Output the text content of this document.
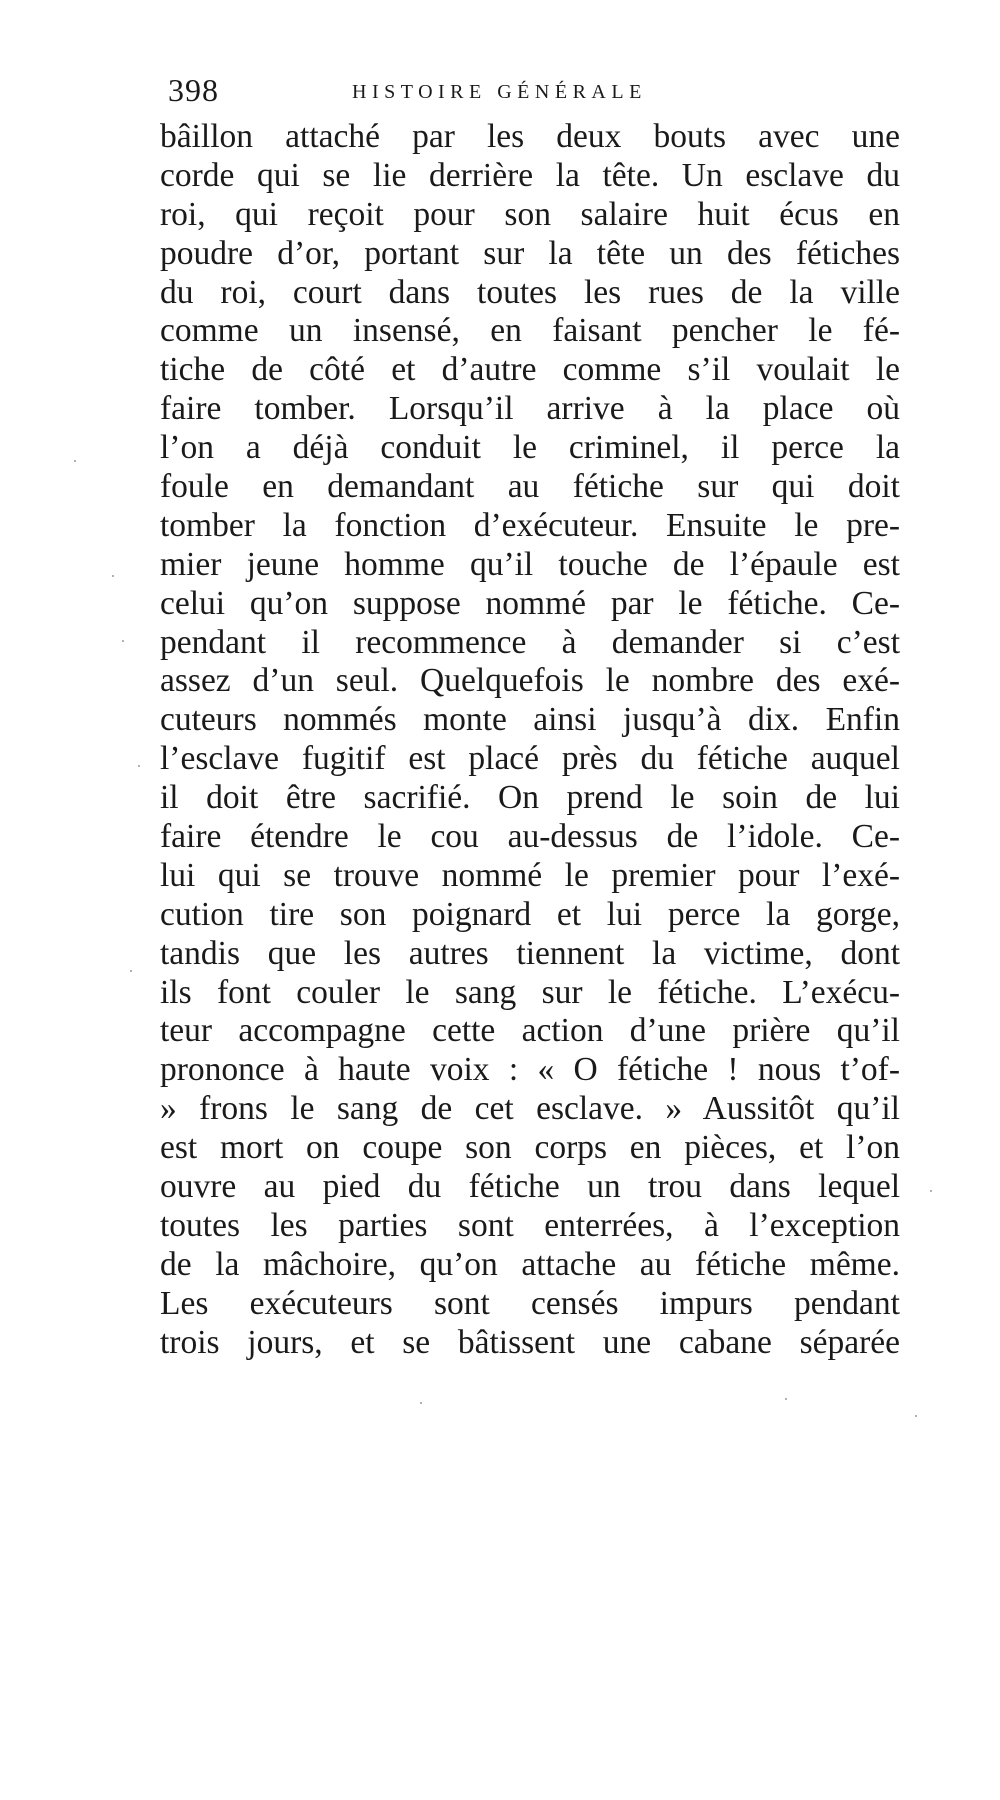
398	HISTOIRE GÉNÉRALE
bâillon attaché par les deux bouts avec une
corde qui se lie derrière la tête. Un esclave du
roi, qui reçoit pour son salaire huit écus en
poudre d’or, portant sur la tête un des fétiches
du roi, court dans toutes les rues de la ville
comme un insensé, en faisant pencher le fé-
tiche de côté et d’autre comme s’il voulait le
faire tomber. Lorsqu’il arrive à la place où
l’on a déjà conduit le criminel, il perce la
foule en demandant au fétiche sur qui doit
tomber la fonction d’exécuteur. Ensuite le pre-
mier jeune homme qu’il touche de l’épaule est
celui qu’on suppose nommé par le fétiche. Ce-
pendant il recommence à demander si c’est
assez d’un seul. Quelquefois le nombre des exé-
cuteurs nommés monte ainsi jusqu’à dix. Enfin
l’esclave fugitif est placé près du fétiche auquel
il doit être sacrifié. On prend le soin de lui
faire étendre le cou au-dessus de l’idole. Ce-
lui qui se trouve nommé le premier pour l’exé-
cution tire son poignard et lui perce la gorge,
tandis que les autres tiennent la victime, dont
ils font couler le sang sur le fétiche. L’exécu-
teur accompagne cette action d’une prière qu’il
prononce à haute voix : « O fétiche ! nous t’of-
» frons le sang de cet esclave. » Aussitôt qu’il
est mort on coupe son corps en pièces, et l’on
ouvre au pied du fétiche un trou dans lequel
toutes les parties sont enterrées, à l’exception
de la mâchoire, qu’on attache au fétiche même.
Les exécuteurs sont censés impurs pendant
trois jours, et se bâtissent une cabane séparée
